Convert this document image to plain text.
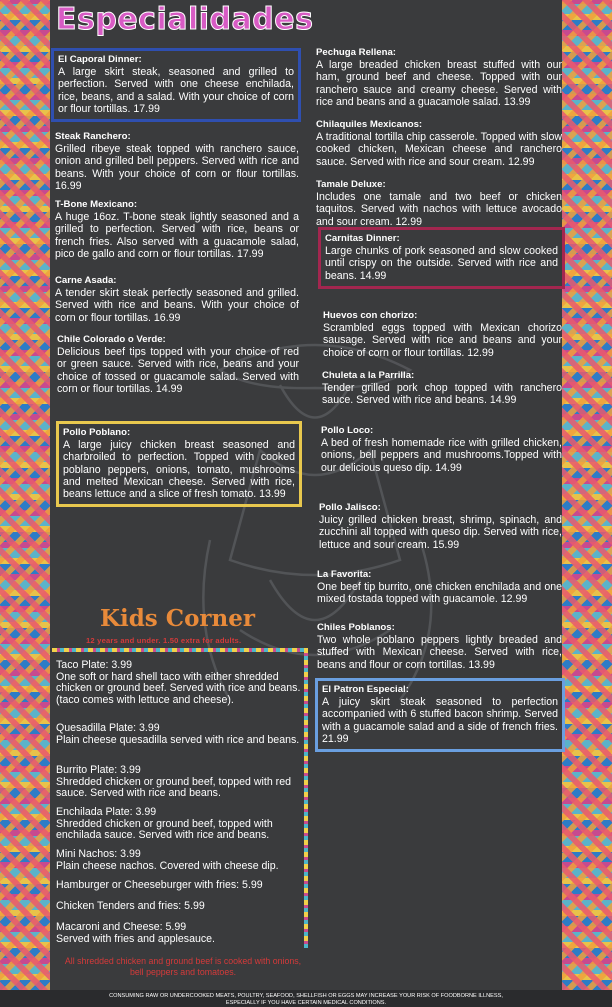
Especialidades
El Caporal Dinner:
A large skirt steak, seasoned and grilled to perfection. Served with one cheese enchilada, rice, beans, and a salad. With your choice of corn or flour tortillas. 17.99
Steak Ranchero:
Grilled ribeye steak topped with ranchero sauce, onion and grilled bell peppers. Served with rice and beans. With your choice of corn or flour tortillas. 16.99
T-Bone Mexicano:
A huge 16oz. T-bone steak lightly seasoned and a grilled to perfection. Served with rice, beans or french fries. Also served with a guacamole salad, pico de gallo and corn or flour tortillas. 17.99
Carne Asada:
A tender skirt steak perfectly seasoned and grilled. Served with rice and beans. With your choice of corn or flour tortillas. 16.99
Chile Colorado o Verde:
Delicious beef tips topped with your choice of red or green sauce. Served with rice, beans and your choice of tossed or guacamole salad. Served with corn or flour tortillas. 14.99
Pollo Poblano:
A large juicy chicken breast seasoned and charbroiled to perfection. Topped with cooked poblano peppers, onions, tomato, mushrooms and melted Mexican cheese. Served with rice, beans lettuce and a slice of fresh tomato. 13.99
Pechuga Rellena:
A large breaded chicken breast stuffed with our ham, ground beef and cheese. Topped with our ranchero sauce and creamy cheese. Served with rice and beans and a guacamole salad. 13.99
Chilaquiles Mexicanos:
A traditional tortilla chip casserole. Topped with slow cooked chicken, Mexican cheese and ranchero sauce. Served with rice and sour cream. 12.99
Tamale Deluxe:
Includes one tamale and two beef or chicken taquitos. Served with nachos with lettuce avocado and sour cream. 12.99
Carnitas Dinner:
Large chunks of pork seasoned and slow cooked until crispy on the outside. Served with rice and beans. 14.99
Huevos con chorizo:
Scrambled eggs topped with Mexican chorizo sausage. Served with rice and beans and your choice of corn or flour tortillas. 12.99
Chuleta a la Parrilla:
Tender grilled pork chop topped with ranchero sauce. Served with rice and beans. 14.99
Pollo Loco:
A bed of fresh homemade rice with grilled chicken, onions, bell peppers and mushrooms.Topped with our delicious queso dip. 14.99
Pollo Jalisco:
Juicy grilled chicken breast, shrimp, spinach, and zucchini all topped with queso dip. Served with rice, lettuce and sour cream. 15.99
La Favorita:
One beef tip burrito, one chicken enchilada and one mixed tostada topped with guacamole. 12.99
Chiles Poblanos:
Two whole poblano peppers lightly breaded and stuffed with Mexican cheese. Served with rice, beans and flour or corn tortillas. 13.99
El Patron Especial:
A juicy skirt steak seasoned to perfection accompanied with 6 stuffed bacon shrimp. Served with a guacamole salad and a side of french fries. 21.99
Kids Corner
12 years and under. 1.50 extra for adults.
Taco Plate: 3.99
One soft or hard shell taco with either shredded chicken or ground beef. Served with rice and beans. (taco comes with lettuce and cheese).
Quesadilla Plate: 3.99
Plain cheese quesadilla served with rice and beans.
Burrito Plate: 3.99
Shredded chicken or ground beef, topped with red sauce. Served with rice and beans.
Enchilada Plate: 3.99
Shredded chicken or ground beef, topped with enchilada sauce. Served with rice and beans.
Mini Nachos: 3.99
Plain cheese nachos. Covered with cheese dip.
Hamburger or Cheeseburger with fries: 5.99
Chicken Tenders and fries: 5.99
Macaroni and Cheese: 5.99
Served with fries and applesauce.
All shredded chicken and ground beef is cooked with onions, bell peppers and tomatoes.
CONSUMING RAW OR UNDERCOOKED MEATS, POULTRY, SEAFOOD, SHELLFISH OR EGGS MAY INCREASE YOUR RISK OF FOODBORNE ILLNESS,
ESPECIALLY IF YOU HAVE CERTAIN MEDICAL CONDITIONS.
